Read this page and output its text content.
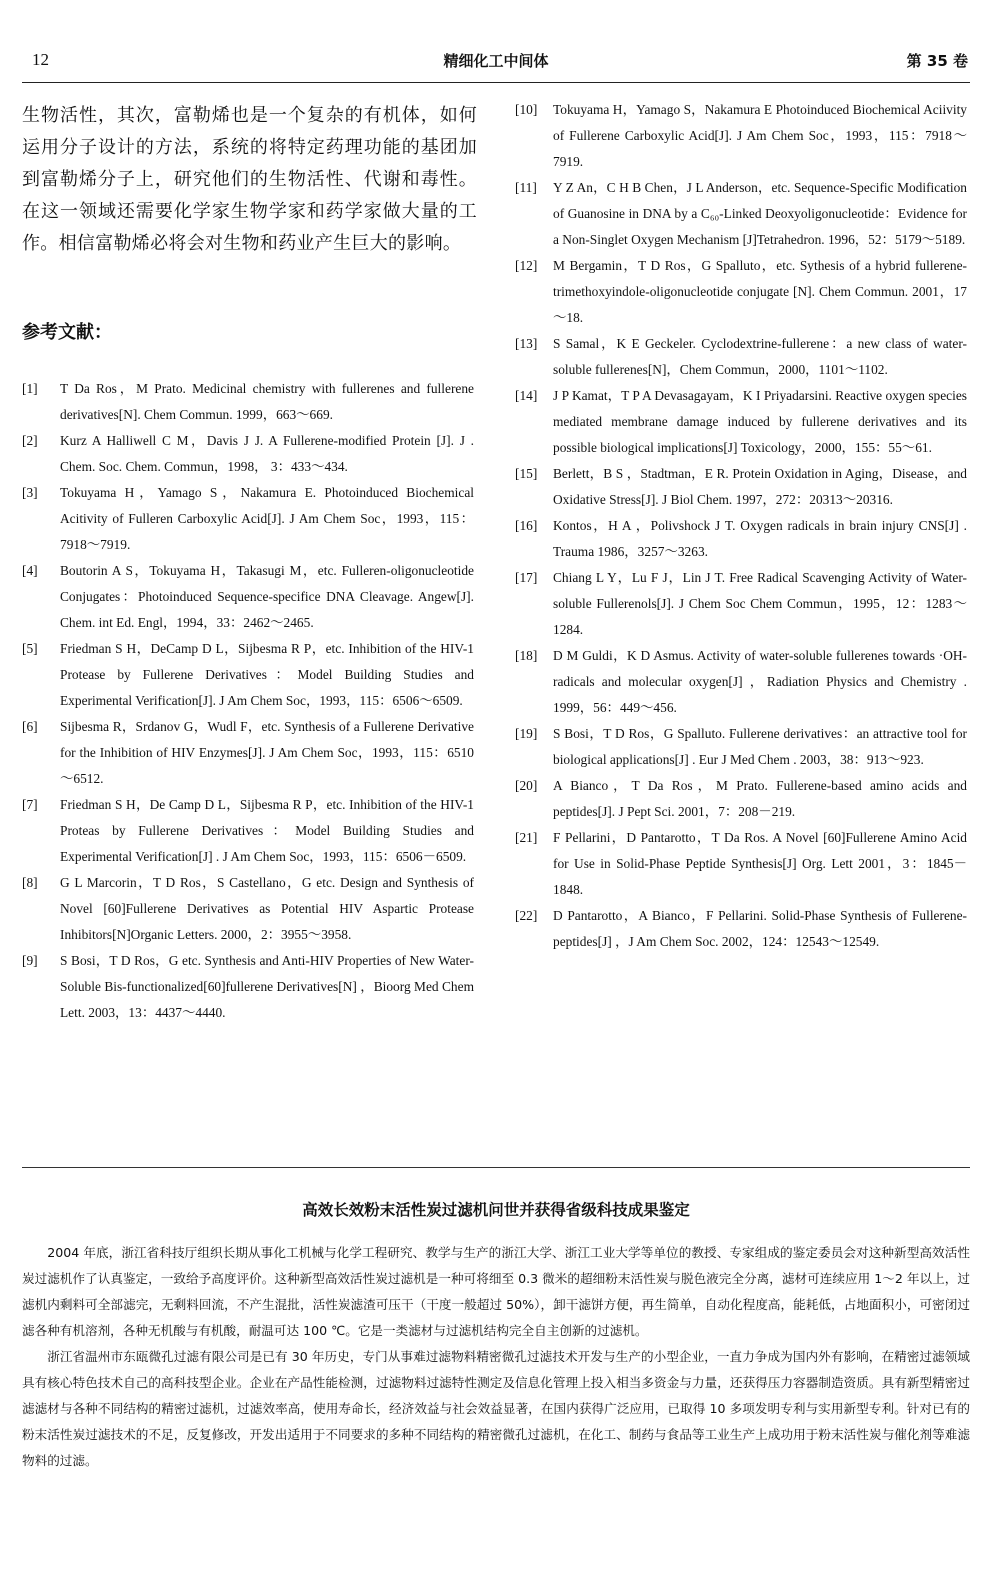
12	精细化工中间体	第 35 卷
生物活性，其次，富勒烯也是一个复杂的有机体，如何运用分子设计的方法，系统的将特定药理功能的基团加到富勒烯分子上，研究他们的生物活性、代谢和毒性。在这一领域还需要化学家生物学家和药学家做大量的工作。相信富勒烯必将会对生物和药业产生巨大的影响。
参考文献：
[1]	T Da Ros，M Prato. Medicinal chemistry with fullerenes and fullerene derivatives[N]. Chem Commun. 1999，663～669.
[2]	Kurz A Halliwell C M，Davis J J. A Fullerene-modified Protein [J]. J . Chem. Soc. Chem. Commun，1998， 3：433～434.
[3]	Tokuyama H，Yamago S，Nakamura E. Photoinduced Biochemical Acitivity of Fulleren Carboxylic Acid[J]. J Am Chem Soc，1993，115：7918～7919.
[4]	Boutorin A S，Tokuyama H，Takasugi M，etc. Fulleren-oligonucleotide Conjugates：Photoinduced Sequence-specifice DNA Cleavage. Angew[J]. Chem. int Ed. Engl，1994，33：2462～2465.
[5]	Friedman S H，DeCamp D L，Sijbesma R P，etc. Inhibition of the HIV-1 Protease by Fullerene Derivatives：Model Building Studies and Experimental Verification[J]. J Am Chem Soc，1993，115：6506～6509.
[6]	Sijbesma R，Srdanov G，Wudl F，etc. Synthesis of a Fullerene Derivative for the Inhibition of HIV Enzymes[J]. J Am Chem Soc，1993，115：6510～6512.
[7]	Friedman S H，De Camp D L，Sijbesma R P，etc. Inhibition of the HIV-1 Proteas by Fullerene Derivatives：Model Building Studies and Experimental Verification[J] . J Am Chem Soc，1993，115：6506－6509.
[8]	G L Marcorin，T D Ros，S Castellano，G etc. Design and Synthesis of Novel [60]Fullerene Derivatives as Potential HIV Aspartic Protease Inhibitors[N]Organic Letters. 2000，2：3955～3958.
[9]	S Bosi，T D Ros，G etc. Synthesis and Anti-HIV Properties of New Water-Soluble Bis-functionalized[60]fullerene Derivatives[N] ，Bioorg Med Chem Lett. 2003，13：4437～4440.
[10]	Tokuyama H，Yamago S，Nakamura E Photoinduced Biochemical Aciivity of Fullerene Carboxylic Acid[J]. J Am Chem Soc，1993，115：7918～7919.
[11]	Y Z An，C H B Chen，J L Anderson，etc. Sequence-Specific Modification of Guanosine in DNA by a C₆₀-Linked Deoxyoligonucleotide：Evidence for a Non-Singlet Oxygen Mechanism [J]Tetrahedron. 1996，52：5179～5189.
[12]	M Bergamin，T D Ros，G Spalluto，etc. Sythesis of a hybrid fullerene-trimethoxyindole-oligonucleotide conjugate [N]. Chem Commun. 2001，17～18.
[13]	S Samal，K E Geckeler. Cyclodextrine-fullerene：a new class of water-soluble fullerenes[N]，Chem Commun，2000，1101～1102.
[14]	J P Kamat，T P A Devasagayam，K I Priyadarsini. Reactive oxygen species mediated membrane damage induced by fullerene derivatives and its possible biological implications[J] Toxicology，2000，155：55～61.
[15]	Berlett，B S ，Stadtman，E R. Protein Oxidation in Aging，Disease，and Oxidative Stress[J]. J Biol Chem. 1997，272：20313～20316.
[16]	Kontos，H A ，Polivshock J T. Oxygen radicals in brain injury CNS[J] . Trauma 1986，3257～3263.
[17]	Chiang L Y，Lu F J，Lin J T. Free Radical Scavenging Activity of Water-soluble Fullerenols[J]. J Chem Soc Chem Commun，1995，12：1283～1284.
[18]	D M Guldi，K D Asmus. Activity of water-soluble fullerenes towards ·OH-radicals and molecular oxygen[J] ，Radiation Physics and Chemistry . 1999，56：449～456.
[19]	S Bosi，T D Ros，G Spalluto. Fullerene derivatives：an attractive tool for biological applications[J] . Eur J Med Chem . 2003，38：913～923.
[20]	A Bianco，T Da Ros，M Prato. Fullerene-based amino acids and peptides[J]. J Pept Sci. 2001，7：208－219.
[21]	F Pellarini，D Pantarotto，T Da Ros. A Novel [60]Fullerene Amino Acid for Use in Solid-Phase Peptide Synthesis[J] Org. Lett 2001，3：1845－1848.
[22]	D Pantarotto，A Bianco，F Pellarini. Solid-Phase Synthesis of Fullerene-peptides[J] ，J Am Chem Soc. 2002，124：12543～12549.
高效长效粉末活性炭过滤机问世并获得省级科技成果鉴定

2004 年底，浙江省科技厅组织长期从事化工机械与化学工程研究、教学与生产的浙江大学、浙江工业大学等单位的教授、专家组成的鉴定委员会对这种新型高效活性炭过滤机作了认真鉴定，一致给予高度评价。这种新型高效活性炭过滤机是一种可将细至 0.3 微米的超细粉末活性炭与脱色液完全分离，滤材可连续应用 1～2 年以上，过滤机内剩料可全部滤完，无剩料回流，不产生混批，活性炭滤渣可压干（干度一般超过 50%），卸干滤饼方便，再生简单，自动化程度高，能耗低，占地面积小，可密闭过滤各种有机溶剂，各种无机酸与有机酸，耐温可达 100 ℃。它是一类滤材与过滤机结构完全自主创新的过滤机。

浙江省温州市东瓯微孔过滤有限公司是已有 30 年历史，专门从事难过滤物料精密微孔过滤技术开发与生产的小型企业，一直力争成为国内外有影响，在精密过滤领域具有核心特色技术自己的高科技型企业。企业在产品性能检测，过滤物料过滤特性测定及信息化管理上投入相当多资金与力量，还获得压力容器制造资质。具有新型精密过滤滤材与各种不同结构的精密过滤机，过滤效率高，使用寿命长，经济效益与社会效益显著，在国内获得广泛应用，已取得 10 多项发明专利与实用新型专利。针对已有的粉末活性炭过滤技术的不足，反复修改，开发出适用于不同要求的多种不同结构的精密微孔过滤机，在化工、制药与食品等工业生产上成功用于粉末活性炭与催化剂等难滤物料的过滤。
